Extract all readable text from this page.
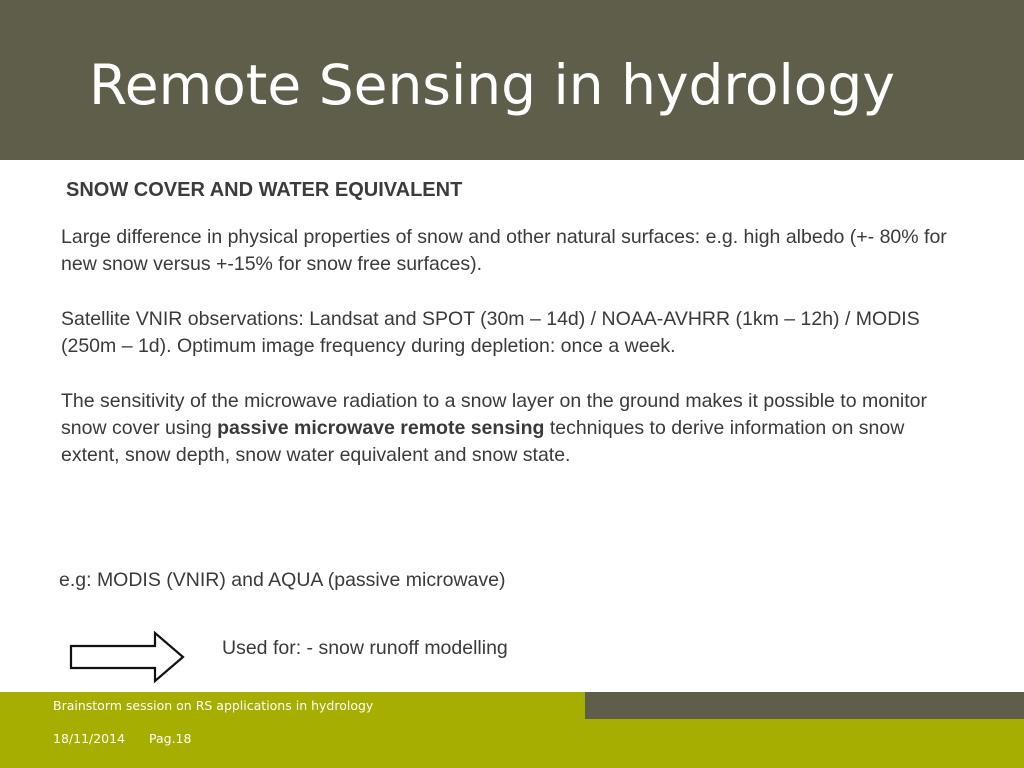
Remote Sensing in hydrology
SNOW COVER AND WATER EQUIVALENT

Large difference in physical properties of snow and other natural surfaces: e.g. high albedo (+- 80% for new snow versus +-15% for snow free surfaces).

Satellite VNIR observations: Landsat and SPOT (30m – 14d) / NOAA-AVHRR (1km – 12h) / MODIS (250m – 1d). Optimum image frequency during depletion: once a week.

The sensitivity of the microwave radiation to a snow layer on the ground makes it possible to monitor snow cover using passive microwave remote sensing techniques to derive information on snow extent, snow depth, snow water equivalent and snow state.

e.g: MODIS (VNIR) and AQUA (passive microwave)

Used for: - snow runoff modelling

Brainstorm session on RS applications in hydrology

18/11/2014 Pag.18
